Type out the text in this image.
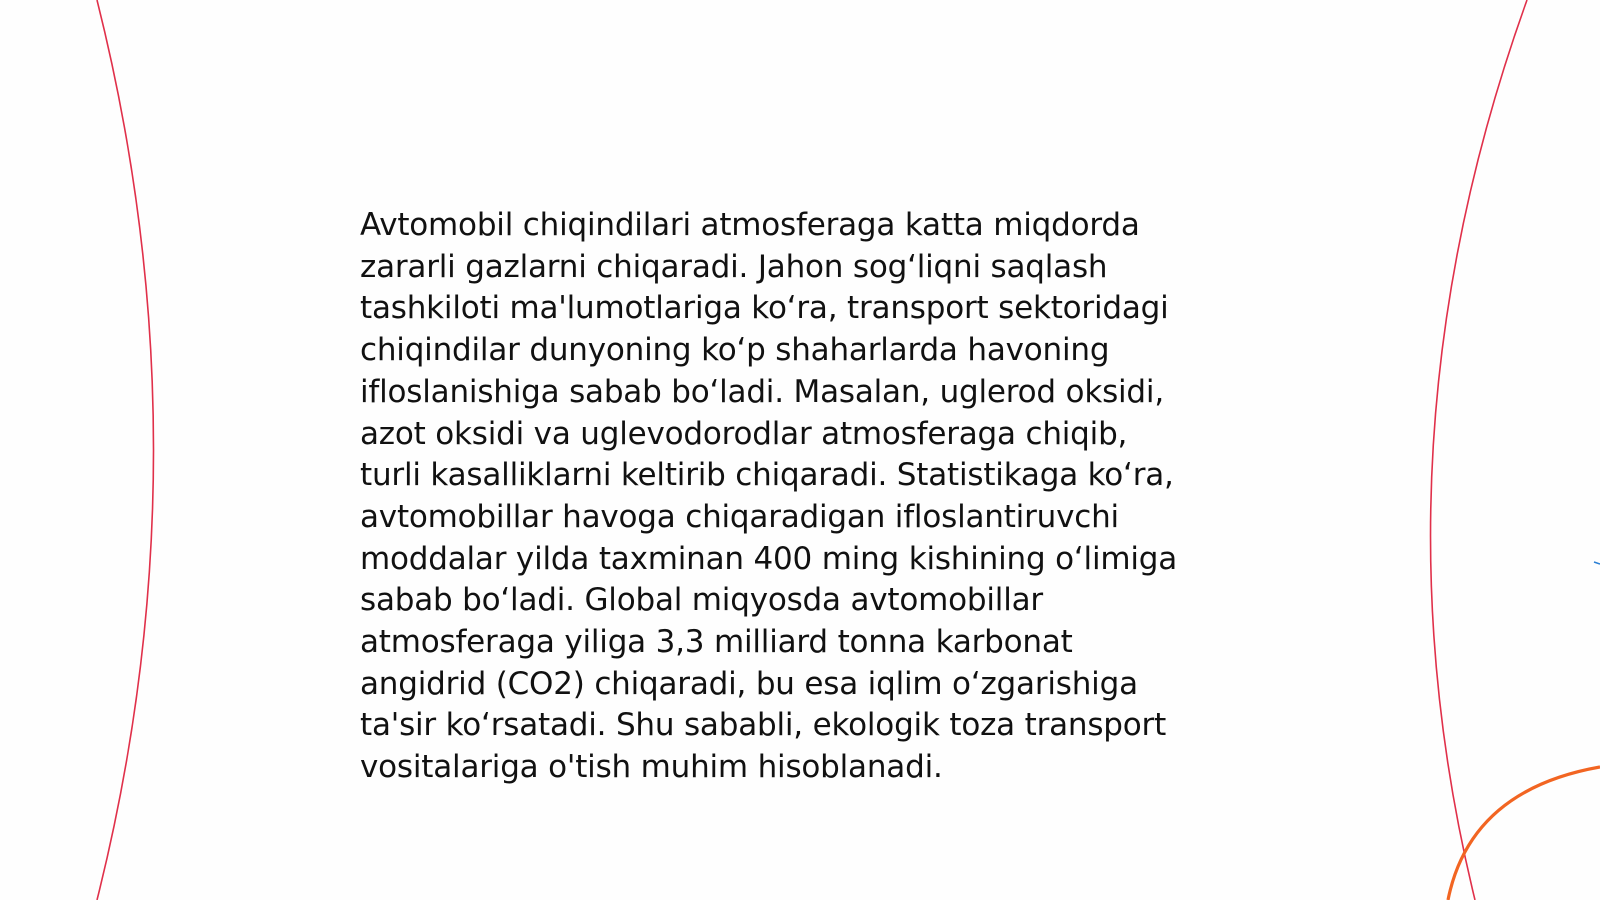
Avtomobil chiqindilari atmosferaga katta miqdorda
zararli gazlarni chiqaradi. Jahon sog‘liqni saqlash
tashkiloti ma'lumotlariga ko‘ra, transport sektoridagi
chiqindilar dunyoning ko‘p shaharlarda havoning
ifloslanishiga sabab bo‘ladi. Masalan, uglerod oksidi,
azot oksidi va uglevodorodlar atmosferaga chiqib,
turli kasalliklarni keltirib chiqaradi. Statistikaga ko‘ra,
avtomobillar havoga chiqaradigan ifloslantiruvchi
moddalar yilda taxminan 400 ming kishining o‘limiga
sabab bo‘ladi. Global miqyosda avtomobillar
atmosferaga yiliga 3,3 milliard tonna karbonat
angidrid (CO2) chiqaradi, bu esa iqlim o‘zgarishiga
ta'sir ko‘rsatadi. Shu sababli, ekologik toza transport
vositalariga o'tish muhim hisoblanadi.
